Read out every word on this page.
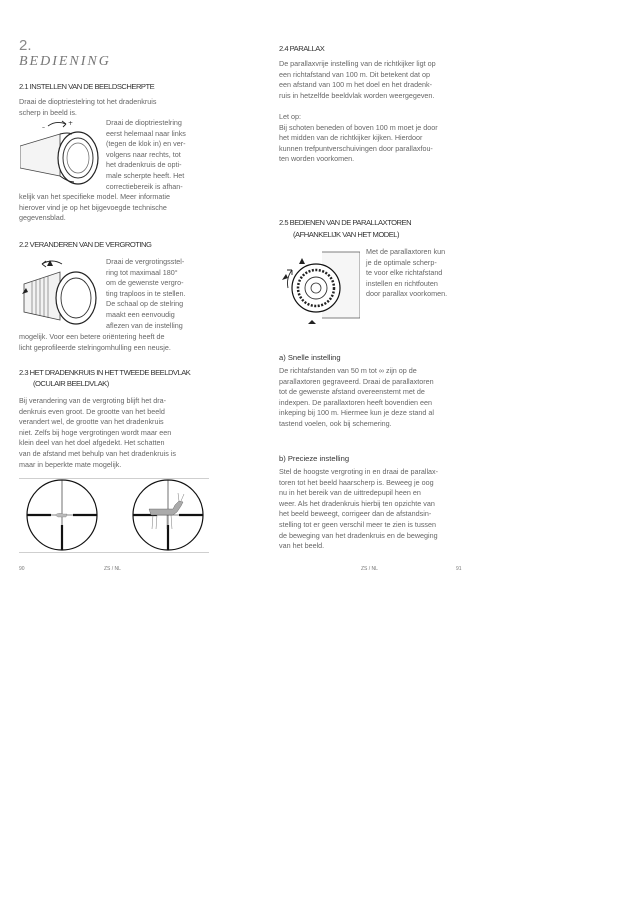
2.
BEDIENING
2.1 INSTELLEN VAN DE BEELDSCHERPTE
Draai de dioptriestelring tot het dradenkruis
scherp in beeld is.
Draai de dioptriestelring
eerst helemaal naar links
(tegen de klok in) en ver-
volgens naar rechts, tot
het dradenkruis de opti-
male scherpte heeft. Het
correctiebereik is afhan-
–
+
kelijk van het specifieke model. Meer informatie
hierover vind je op het bijgevoegde technische
gegevensblad.
2.2 VERANDEREN VAN DE VERGROTING
Draai de vergrotingsstel-
ring tot maximaal 180°
om de gewenste vergro-
ting traploos in te stellen.
De schaal op de stelring
maakt een eenvoudig
aflezen van de instelling
mogelijk. Voor een betere oriëntering heeft de
licht geprofileerde stelringomhulling een neusje.
2.3 HET DRADENKRUIS IN HET TWEEDE BEELDVLAK
(OCULAIR BEELDVLAK)
Bij verandering van de vergroting blijft het dra-
denkruis even groot. De grootte van het beeld
verandert wel, de grootte van het dradenkruis
niet. Zelfs bij hoge vergrotingen wordt maar een
klein deel van het doel afgedekt. Het schatten
van de afstand met behulp van het dradenkruis is
maar in beperkte mate mogelijk.
90	ZS / NL
2.4 PARALLAX
De parallaxvrije instelling van de richtkijker ligt op
een richtafstand van 100 m. Dit betekent dat op
een afstand van 100 m het doel en het dradenk-
ruis in hetzelfde beeldvlak worden weergegeven.
Let op:
Bij schoten beneden of boven 100 m moet je door
het midden van de richtkijker kijken. Hierdoor
kunnen trefpuntverschuivingen door parallaxfou-
ten worden voorkomen.
2.5 BEDIENEN VAN DE PARALLAXTOREN
(AFHANKELIJK VAN HET MODEL)
Met de parallaxtoren kun
je de optimale scherp-
te voor elke richtafstand
instellen en richtfouten
door parallax voorkomen.
a) Snelle instelling
De richtafstanden van 50 m tot ∞ zijn op de
parallaxtoren gegraveerd. Draai de parallaxtoren
tot de gewenste afstand overeenstemt met de
indexpen. De parallaxtoren heeft bovendien een
inkeping bij 100 m. Hiermee kun je deze stand al
tastend voelen, ook bij schemering.
b) Precieze instelling
Stel de hoogste vergroting in en draai de parallax-
toren tot het beeld haarscherp is. Beweeg je oog
nu in het bereik van de uittredepupil heen en
weer. Als het dradenkruis hierbij ten opzichte van
het beeld beweegt, corrigeer dan de afstandsin-
stelling tot er geen verschil meer te zien is tussen
de beweging van het dradenkruis en de beweging
van het beeld.
ZS / NL	91
